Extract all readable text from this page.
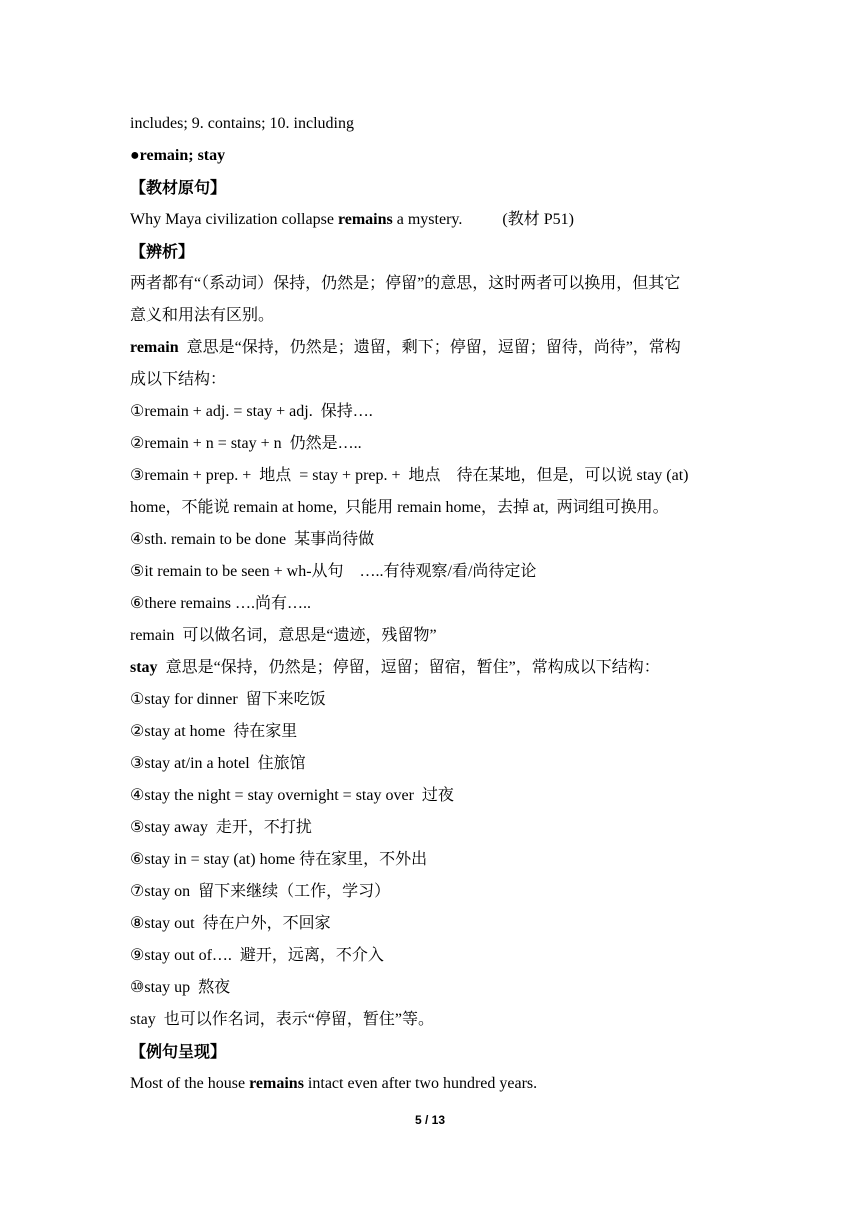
includes; 9. contains; 10. including
●remain; stay
【教材原句】
Why Maya civilization collapse remains a mystery.          (教材 P51)
【辨析】
两者都有“（系动词）保持，仍然是；停留”的意思，这时两者可以换用，但其它
意义和用法有区别。
remain  意思是“保持，仍然是；遗留，剩下；停留，逗留；留待，尚待”，常构
成以下结构：
①remain + adj. = stay + adj.  保持….
②remain + n = stay + n  仍然是…..
③remain + prep. +  地点  = stay + prep. +  地点    待在某地，但是，可以说 stay (at)
home，不能说 remain at home,  只能用 remain home，去掉 at,  两词组可换用。
④sth. remain to be done  某事尚待做
⑤it remain to be seen + wh-从句    …..有待观察/看/尚待定论
⑥there remains ….尚有…..
remain  可以做名词，意思是“遗迹，残留物”
stay  意思是“保持，仍然是；停留，逗留；留宿，暂住”，常构成以下结构：
①stay for dinner  留下来吃饭
②stay at home  待在家里
③stay at/in a hotel  住旅馆
④stay the night = stay overnight = stay over  过夜
⑤stay away  走开，不打扰
⑥stay in = stay (at) home 待在家里，不外出
⑦stay on  留下来继续（工作，学习）
⑧stay out  待在户外，不回家
⑨stay out of….  避开，远离，不介入
⑩stay up  熬夜
stay  也可以作名词，表示“停留，暂住”等。
【例句呈现】
Most of the house remains intact even after two hundred years.
5 / 13
